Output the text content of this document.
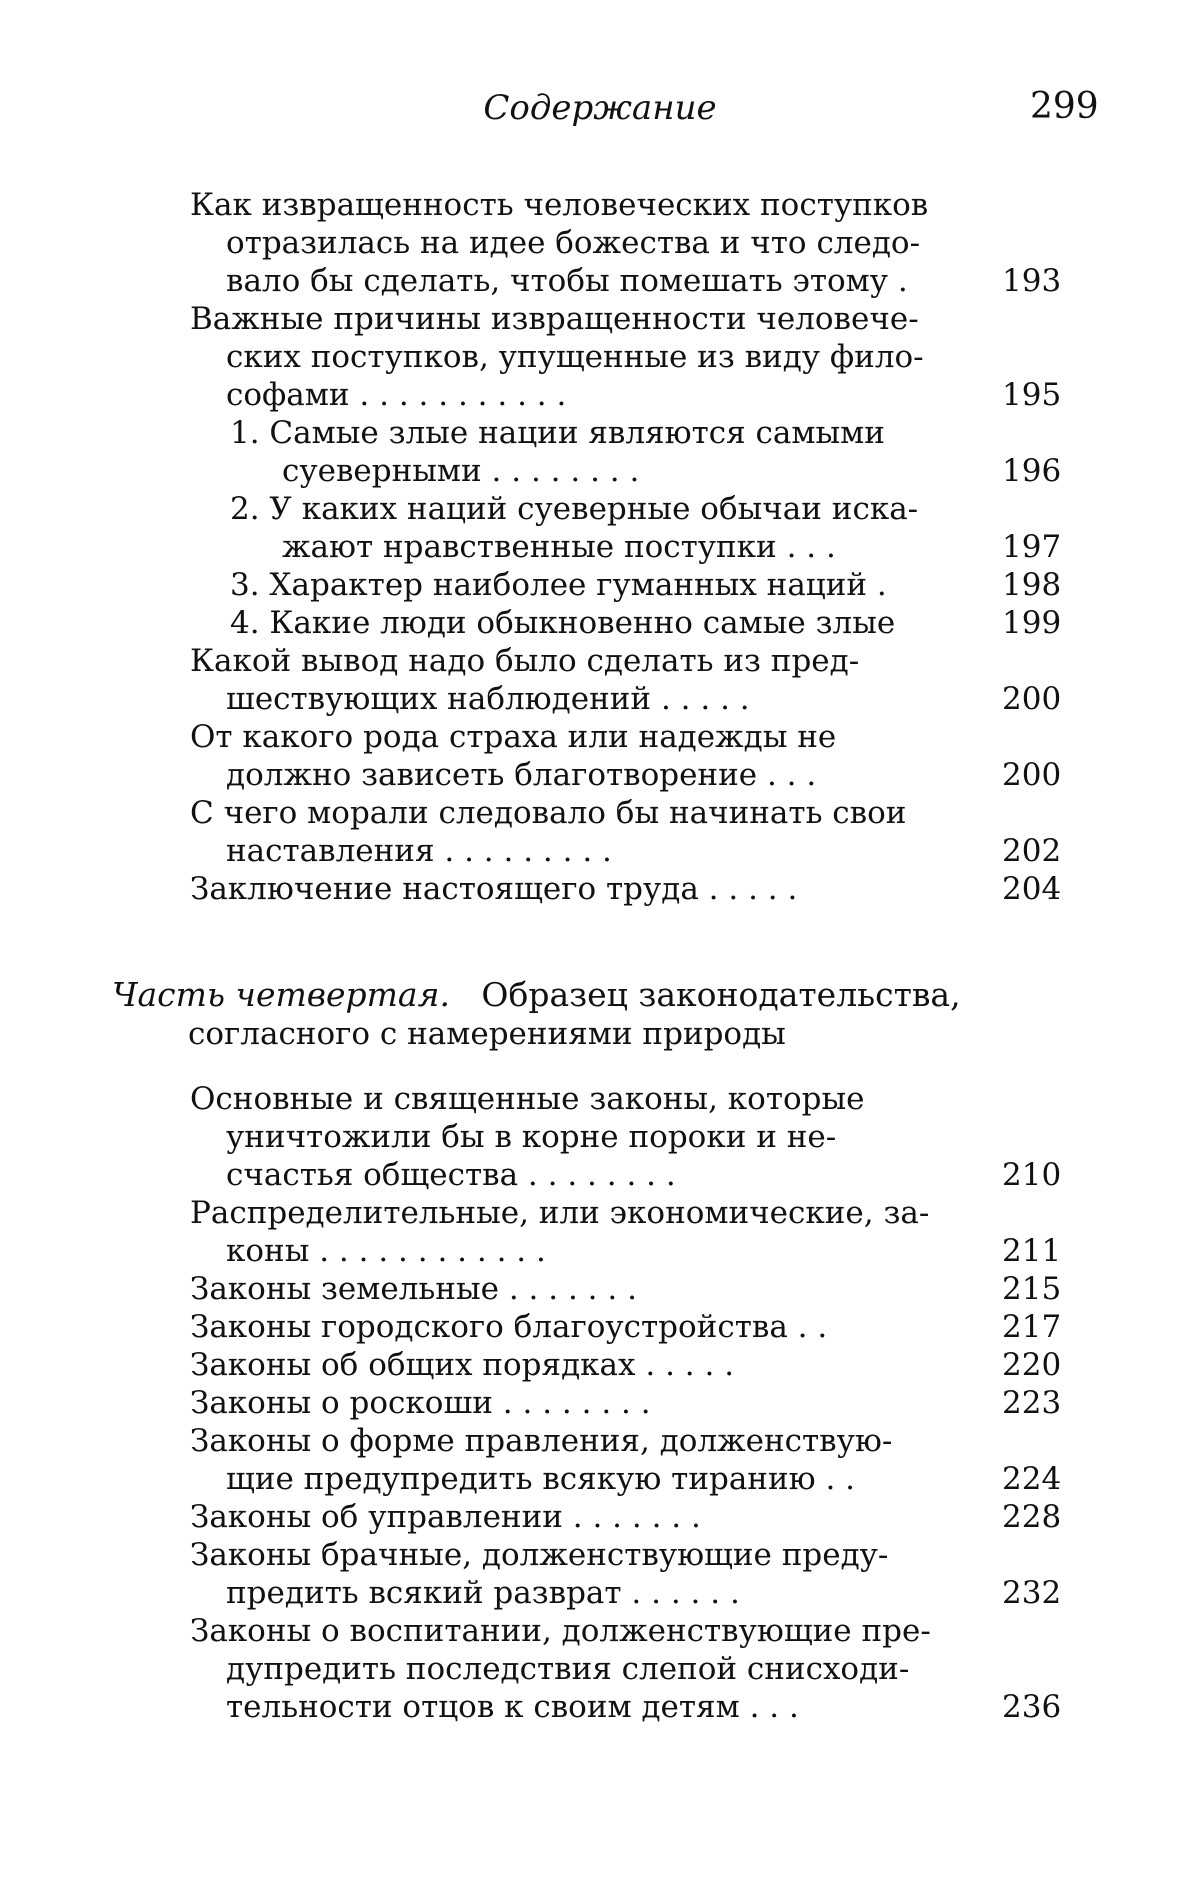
Содержание	299
Часть четвертая. Образец законодательства,
согласного с намерениями природы
Как извращенность человеческих поступков
отразилась на идее божества и что следо-
вало бы сделать, чтобы помешать этому .	193
Важные причины извращенности человече-
ских поступков, упущенные из виду фило-
софами . . . . . . . . . . .	195
1. Самые злые нации являются самыми
суеверными . . . . . . . .	196
2. У каких наций суеверные обычаи иска-
жают нравственные поступки . . .	197
3. Характер наиболее гуманных наций .	198
4. Какие люди обыкновенно самые злые	199
Какой вывод надо было сделать из пред-
шествующих наблюдений . . . . .	200
От какого рода страха или надежды не
должно зависеть благотворение . . .	200
С чего морали следовало бы начинать свои
наставления . . . . . . . . .	202
Заключение настоящего труда . . . . .	204
Основные и священные законы, которые
уничтожили бы в корне пороки и не-
счастья общества . . . . . . . .	210
Распределительные, или экономические, за-
коны . . . . . . . . . . . .	211
Законы земельные . . . . . . .	215
Законы городского благоустройства . .	217
Законы об общих порядках . . . . .	220
Законы о роскоши . . . . . . . .	223
Законы о форме правления, долженствую-
щие предупредить всякую тиранию . .	224
Законы об управлении . . . . . . .	228
Законы брачные, долженствующие преду-
предить всякий разврат . . . . . .	232
Законы о воспитании, долженствующие пре-
дупредить последствия слепой снисходи-
тельности отцов к своим детям . . .	236
